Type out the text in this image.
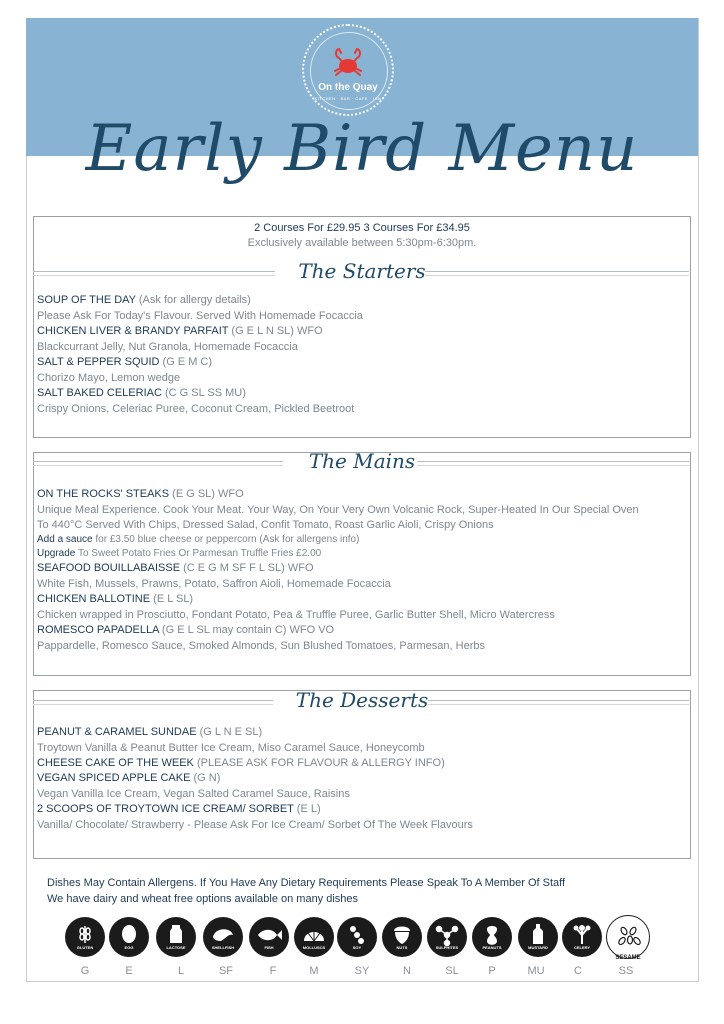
On the Quay
KITCHEN · BAR · CAFE · INN
Early Bird Menu
2 Courses For £29.95 3 Courses For £34.95
Exclusively available between 5:30pm-6:30pm.
The Starters
SOUP OF THE DAY (Ask for allergy details)
Please Ask For Today's Flavour. Served With Homemade Focaccia
CHICKEN LIVER & BRANDY PARFAIT (G E L N SL) WFO
Blackcurrant Jelly, Nut Granola, Homemade Focaccia
SALT & PEPPER SQUID (G E M C)
Chorizo Mayo, Lemon wedge
SALT BAKED CELERIAC (C G SL SS MU)
Crispy Onions, Celeriac Puree, Coconut Cream, Pickled Beetroot
The Mains
ON THE ROCKS' STEAKS (E G SL) WFO
Unique Meal Experience. Cook Your Meat. Your Way, On Your Very Own Volcanic Rock, Super-Heated In Our Special Oven
To 440°C Served With Chips, Dressed Salad, Confit Tomato, Roast Garlic Aioli, Crispy Onions
Add a sauce for £3.50 blue cheese or peppercorn (Ask for allergens info)
Upgrade To Sweet Potato Fries Or Parmesan Truffle Fries £2.00
SEAFOOD BOUILLABAISSE (C E G M SF F L SL) WFO
White Fish, Mussels, Prawns, Potato, Saffron Aioli, Homemade Focaccia
CHICKEN BALLOTINE (E L SL)
Chicken wrapped in Prosciutto, Fondant Potato, Pea & Truffle Puree, Garlic Butter Shell, Micro Watercress
ROMESCO PAPADELLA (G E L SL may contain C) WFO VO
Pappardelle, Romesco Sauce, Smoked Almonds, Sun Blushed Tomatoes, Parmesan, Herbs
The Desserts
PEANUT & CARAMEL SUNDAE (G L N E SL)
Troytown Vanilla & Peanut Butter Ice Cream, Miso Caramel Sauce, Honeycomb
CHEESE CAKE OF THE WEEK (PLEASE ASK FOR FLAVOUR & ALLERGY INFO)
VEGAN SPICED APPLE CAKE (G N)
Vegan Vanilla Ice Cream, Vegan Salted Caramel Sauce, Raisins
2 SCOOPS OF TROYTOWN ICE CREAM/ SORBET (E L)
Vanilla/ Chocolate/ Strawberry - Please Ask For Ice Cream/ Sorbet Of The Week Flavours
Dishes May Contain Allergens. If You Have Any Dietary Requirements Please Speak To A Member Of Staff
We have dairy and wheat free options available on many dishes
GLUTEN	EGG	LACTOSE	SHELLFISH	FISH	MOLLUSCS	SOY	NUTS	SULPHITES	PEANUTS	MUSTARD	CELERY
SESAME
G	E	L	SF	F	M	SY	N	SL	P	MU	C	SS
